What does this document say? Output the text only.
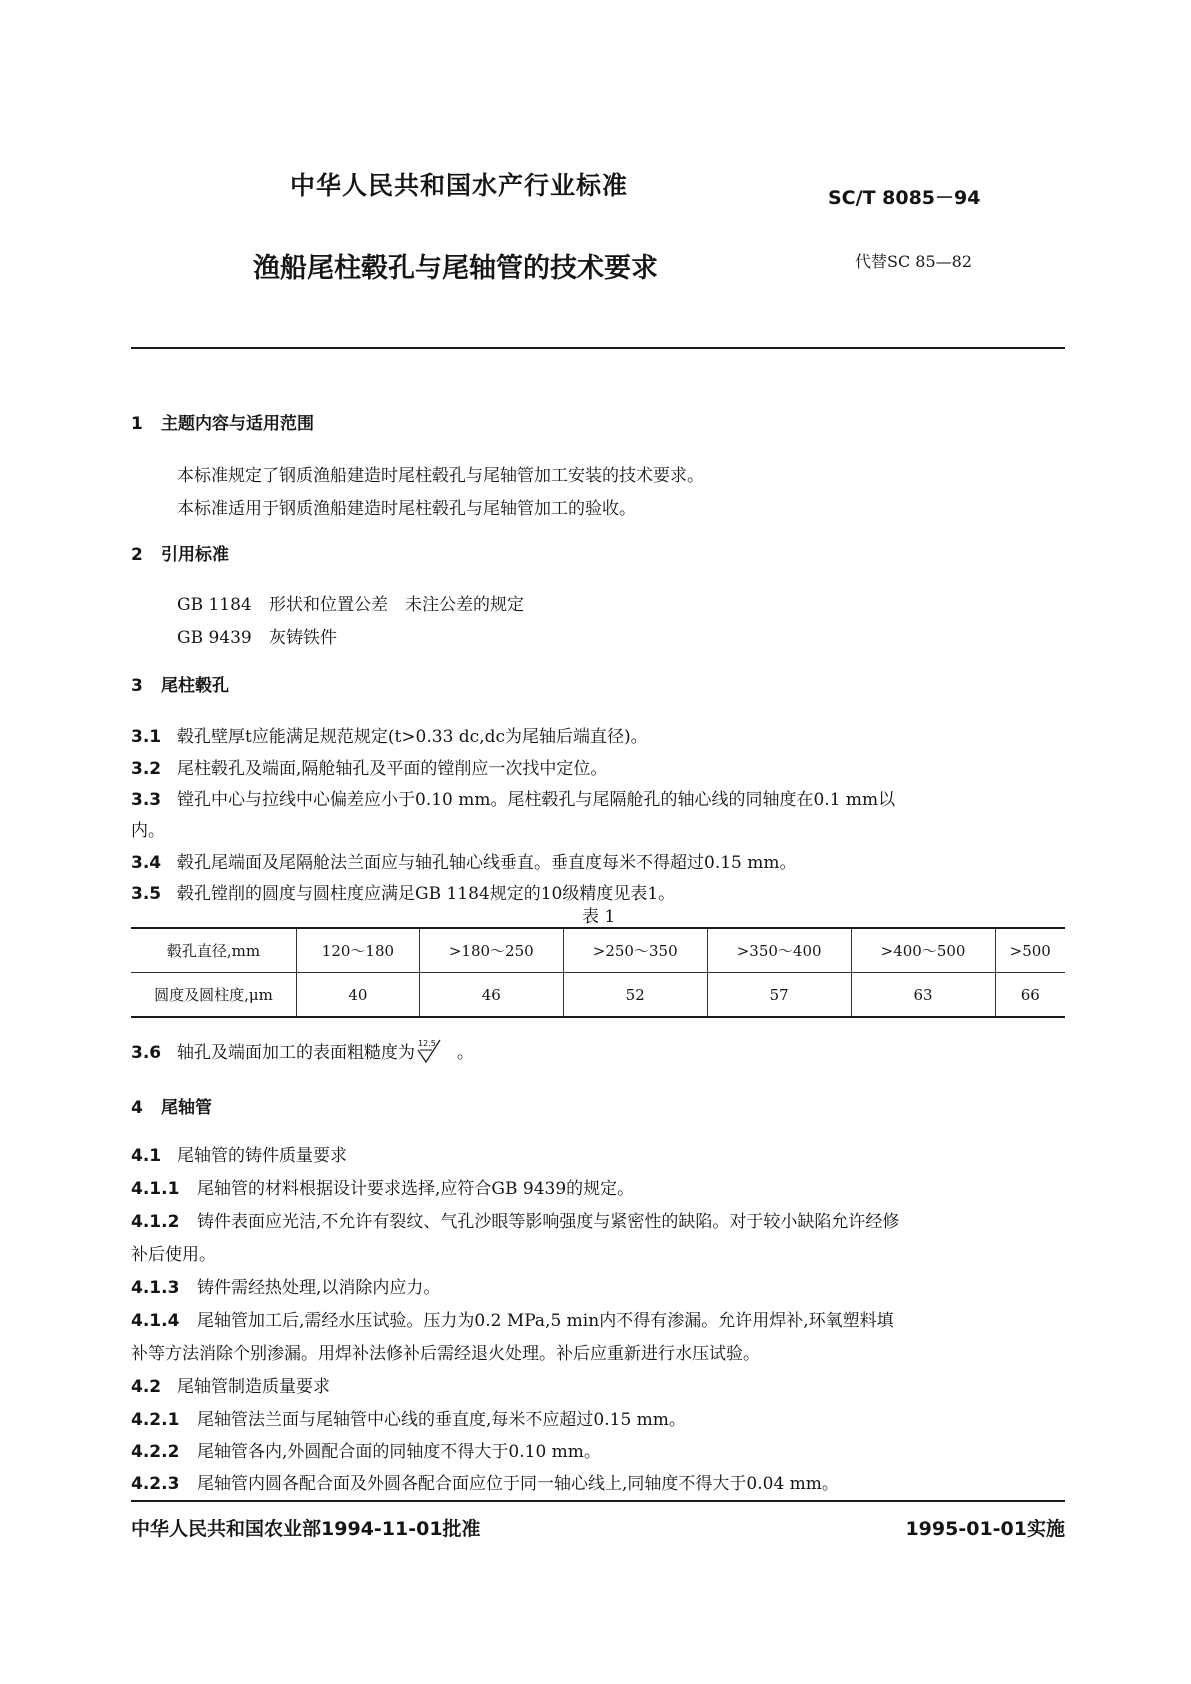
中华人民共和国水产行业标准	SC/T 8085－94
渔船尾柱毂孔与尾轴管的技术要求	代替SC 85—82
1 主题内容与适用范围
本标准规定了钢质渔船建造时尾柱毂孔与尾轴管加工安装的技术要求。
本标准适用于钢质渔船建造时尾柱毂孔与尾轴管加工的验收。
2 引用标准
GB 1184 形状和位置公差　未注公差的规定
GB 9439 灰铸铁件
3 尾柱毂孔
3.1 毂孔壁厚t应能满足规范规定(t>0.33 dc,dc为尾轴后端直径)。
3.2 尾柱毂孔及端面,隔舱轴孔及平面的镗削应一次找中定位。
3.3 镗孔中心与拉线中心偏差应小于0.10 mm。尾柱毂孔与尾隔舱孔的轴心线的同轴度在0.1 mm以
内。
3.4 毂孔尾端面及尾隔舱法兰面应与轴孔轴心线垂直。垂直度每米不得超过0.15 mm。
3.5 毂孔镗削的圆度与圆柱度应满足GB 1184规定的10级精度见表1。
表 1
毂孔直径,mm	120～180	>180～250	>250～350	>350～400	>400～500	>500
圆度及圆柱度,μm	40	46	52	57	63	66
3.6 轴孔及端面加工的表面粗糙度为 12.5 。
4 尾轴管
4.1 尾轴管的铸件质量要求
4.1.1 尾轴管的材料根据设计要求选择,应符合GB 9439的规定。
4.1.2 铸件表面应光洁,不允许有裂纹、气孔沙眼等影响强度与紧密性的缺陷。对于较小缺陷允许经修
补后使用。
4.1.3 铸件需经热处理,以消除内应力。
4.1.4 尾轴管加工后,需经水压试验。压力为0.2 MPa,5 min内不得有渗漏。允许用焊补,环氧塑料填
补等方法消除个别渗漏。用焊补法修补后需经退火处理。补后应重新进行水压试验。
4.2 尾轴管制造质量要求
4.2.1 尾轴管法兰面与尾轴管中心线的垂直度,每米不应超过0.15 mm。
4.2.2 尾轴管各内,外圆配合面的同轴度不得大于0.10 mm。
4.2.3 尾轴管内圆各配合面及外圆各配合面应位于同一轴心线上,同轴度不得大于0.04 mm。
中华人民共和国农业部1994-11-01批准	1995-01-01实施
